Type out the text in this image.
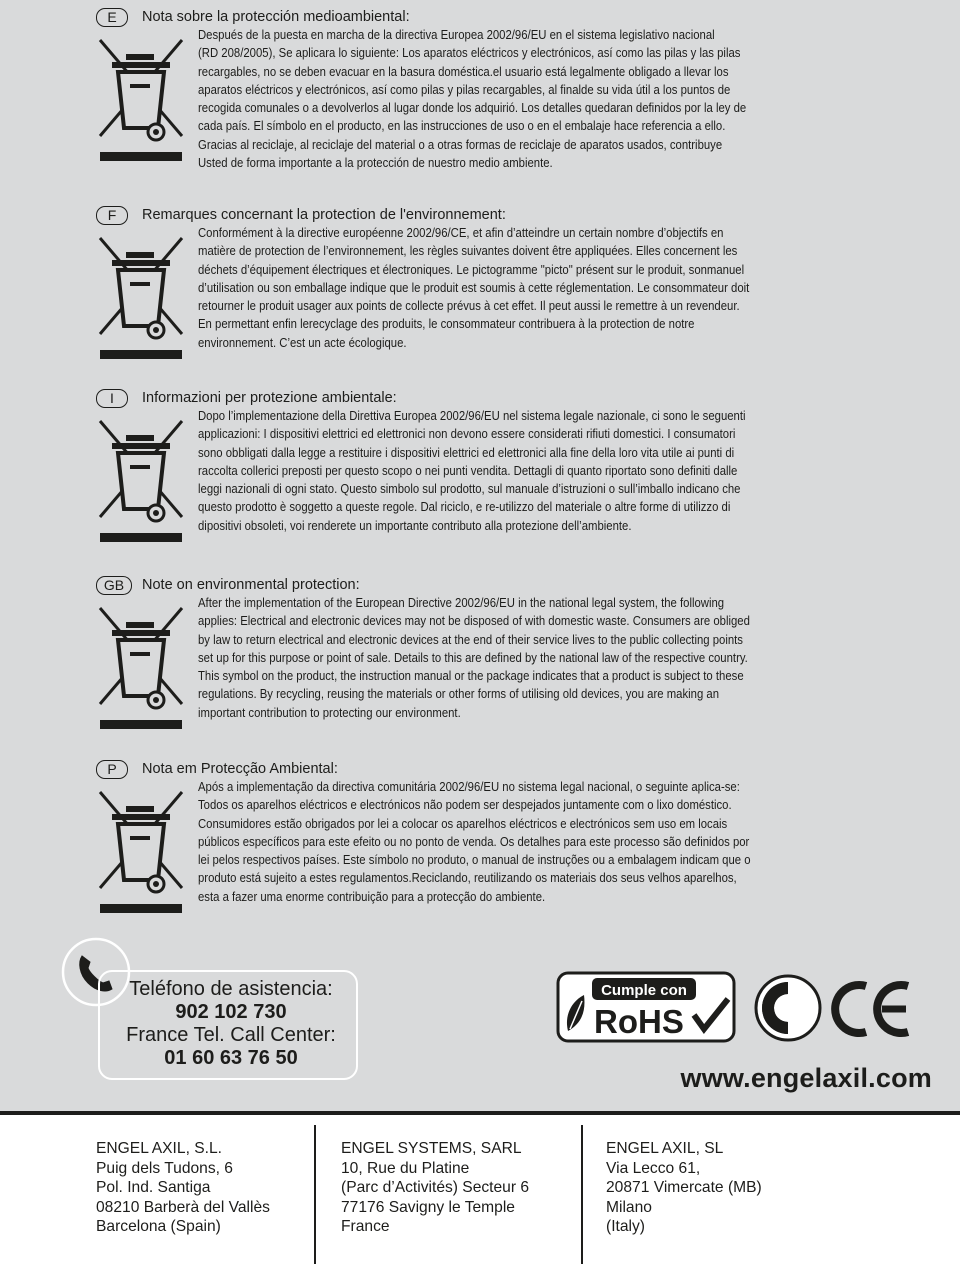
E	Nota sobre la protección medioambiental:
Después de la puesta en marcha de la directiva Europea 2002/96/EU en el sistema legislativo nacional
(RD 208/2005), Se aplicara lo siguiente: Los aparatos eléctricos y electrónicos, así como las pilas y las pilas
recargables, no se deben evacuar en la basura doméstica.el usuario está legalmente obligado a llevar los
aparatos eléctricos y electrónicos, así como pilas y pilas recargables, al finalde su vida útil a los puntos de
recogida comunales o a devolverlos al lugar donde los adquirió. Los detalles quedaran definidos por la ley de
cada país. El símbolo en el producto, en las instrucciones de uso o en el embalaje hace referencia a ello.
Gracias al reciclaje, al reciclaje del material o a otras formas de reciclaje de aparatos usados, contribuye
Usted de forma importante a la protección de nuestro medio ambiente.
F	Remarques concernant la protection de l'environnement:
Conformément à la directive européenne 2002/96/CE, et afin d’atteindre un certain nombre d’objectifs en
matière de protection de l’environnement, les règles suivantes doivent être appliquées. Elles concernent les
déchets d’équipement électriques et électroniques. Le pictogramme "picto" présent sur le produit, sonmanuel
d’utilisation ou son emballage indique que le produit est soumis à cette réglementation. Le consommateur doit
retourner le produit usager aux points de collecte prévus à cet effet. Il peut aussi le remettre à un revendeur.
En permettant enfin lerecyclage des produits, le consommateur contribuera à la protection de notre
environnement. C’est un acte écologique.
I	Informazioni per protezione ambientale:
Dopo l’implementazione della Direttiva Europea 2002/96/EU nel sistema legale nazionale, ci sono le seguenti
applicazioni: I dispositivi elettrici ed elettronici non devono essere considerati rifiuti domestici. I consumatori
sono obbligati dalla legge a restituire i dispositivi elettrici ed elettronici alla fine della loro vita utile ai punti di
raccolta collerici preposti per questo scopo o nei punti vendita. Dettagli di quanto riportato sono definiti dalle
leggi nazionali di ogni stato. Questo simbolo sul prodotto, sul manuale d’istruzioni o sull’imballo indicano che
questo prodotto è soggetto a queste regole. Dal riciclo, e re-utilizzo del materiale o altre forme di utilizzo di
dipositivi obsoleti, voi renderete un importante contributo alla protezione dell’ambiente.
GB	Note on environmental protection:
After the implementation of the European Directive 2002/96/EU in the national legal system, the following
applies: Electrical and electronic devices may not be disposed of with domestic waste. Consumers are obliged
by law to return electrical and electronic devices at the end of their service lives to the public collecting points
set up for this purpose or point of sale. Details to this are defined by the national law of the respective country.
This symbol on the product, the instruction manual or the package indicates that a product is subject to these
regulations. By recycling, reusing the materials or other forms of utilising old devices, you are making an
important contribution to protecting our environment.
P	Nota em Protecção Ambiental:
Após a implementação da directiva comunitária 2002/96/EU no sistema legal nacional, o seguinte aplica-se:
Todos os aparelhos eléctricos e electrónicos não podem ser despejados juntamente com o lixo doméstico.
Consumidores estão obrigados por lei a colocar os aparelhos eléctricos e electrónicos sem uso em locais
públicos específicos para este efeito ou no ponto de venda. Os detalhes para este processo são definidos por
lei pelos respectivos países. Este símbolo no produto, o manual de instruções ou a embalagem indicam que o
produto está sujeito a estes regulamentos.Reciclando, reutilizando os materiais dos seus velhos aparelhos,
esta a fazer uma enorme contribuição para a protecção do ambiente.
Teléfono de asistencia:
902 102 730
France Tel. Call Center:
01 60 63 76 50
Cumple con
RoHS
www.engelaxil.com
ENGEL AXIL, S.L.
Puig dels Tudons, 6
Pol. Ind. Santiga
08210 Barberà del Vallès
Barcelona (Spain)
ENGEL SYSTEMS, SARL
10, Rue du Platine
(Parc d’Activités) Secteur 6
77176 Savigny le Temple
France
ENGEL AXIL, SL
Via Lecco 61,
20871 Vimercate (MB)
Milano
(Italy)
